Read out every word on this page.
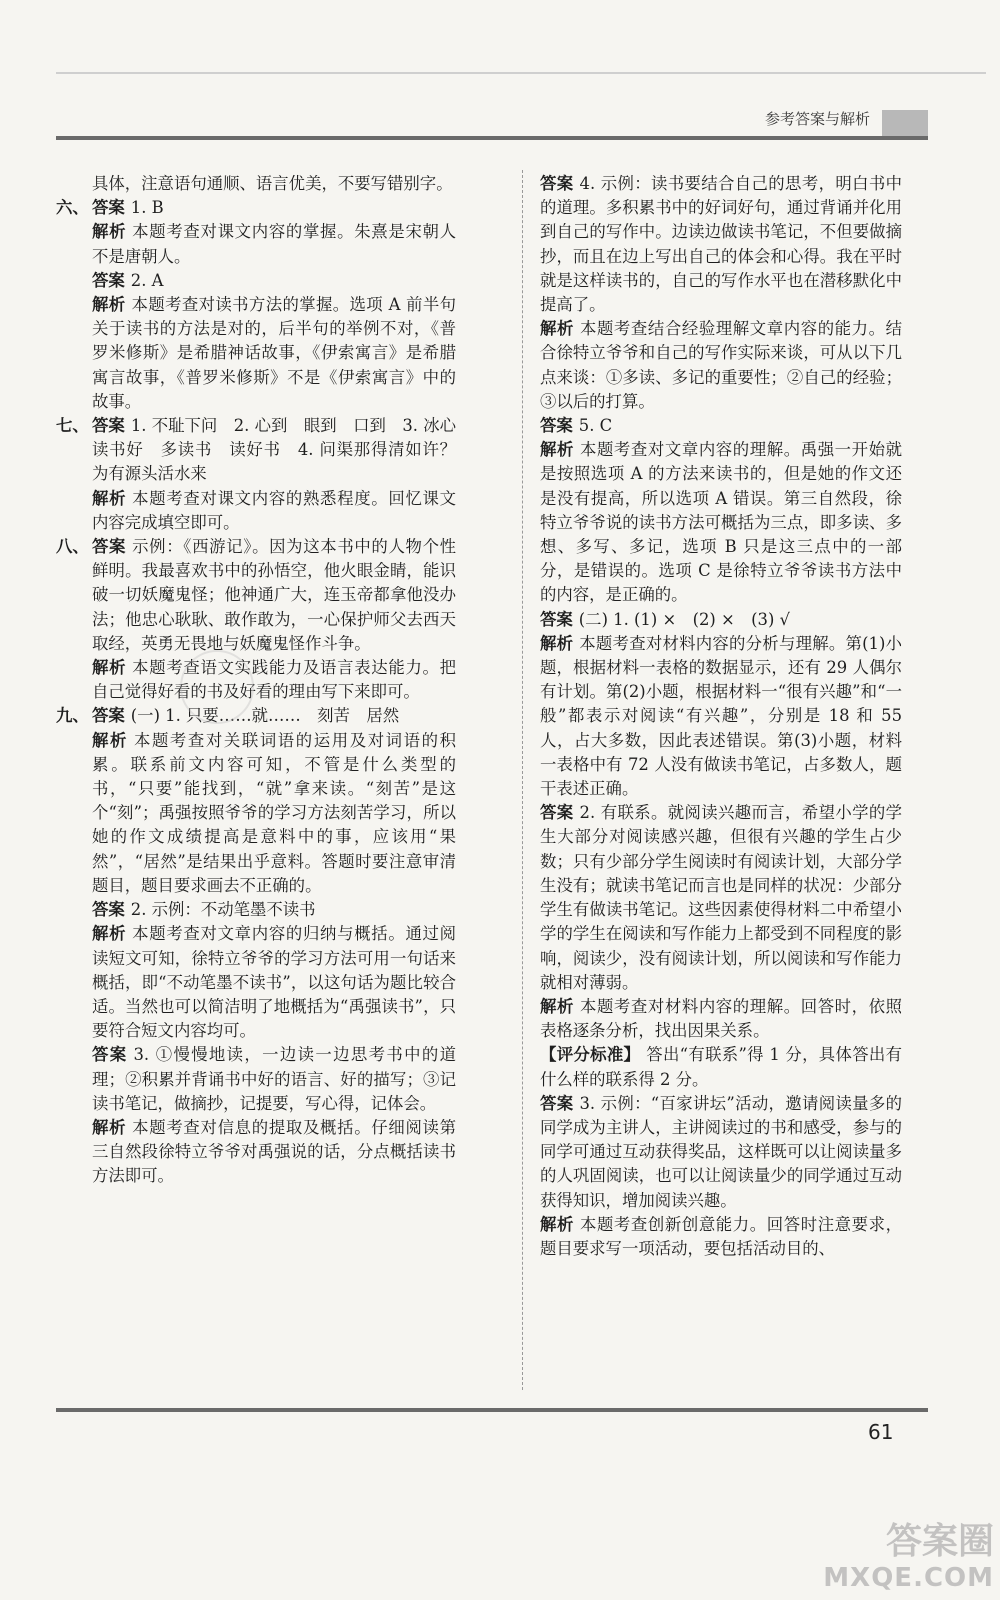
参考答案与解析

具体，注意语句通顺、语言优美，不要写错别字。

六、 答案 1. B

解析 本题考查对课文内容的掌握。朱熹是宋朝人不是唐朝人。

答案 2. A

解析 本题考查对读书方法的掌握。选项 A 前半句关于读书的方法是对的，后半句的举例不对，《普罗米修斯》是希腊神话故事，《伊索寓言》是希腊寓言故事，《普罗米修斯》不是《伊索寓言》中的故事。

七、 答案 1. 不耻下问　2. 心到　眼到　口到　3. 冰心　读书好　多读书　读好书　4. 问渠那得清如许？为有源头活水来

解析 本题考查对课文内容的熟悉程度。回忆课文内容完成填空即可。

八、 答案 示例：《西游记》。因为这本书中的人物个性鲜明。我最喜欢书中的孙悟空，他火眼金睛，能识破一切妖魔鬼怪；他神通广大，连玉帝都拿他没办法；他忠心耿耿、敢作敢为，一心保护师父去西天取经，英勇无畏地与妖魔鬼怪作斗争。

解析 本题考查语文实践能力及语言表达能力。把自己觉得好看的书及好看的理由写下来即可。

九、 答案 (一) 1. 只要……就……　刻苦　居然

解析 本题考查对关联词语的运用及对词语的积累。联系前文内容可知，不管是什么类型的书，“只要”能找到，“就”拿来读。“刻苦”是这个“刻”；禹强按照爷爷的学习方法刻苦学习，所以她的作文成绩提高是意料中的事，应该用“果然”，“居然”是结果出乎意料。答题时要注意审清题目，题目要求画去不正确的。

答案 2. 示例：不动笔墨不读书

解析 本题考查对文章内容的归纳与概括。通过阅读短文可知，徐特立爷爷的学习方法可用一句话来概括，即“不动笔墨不读书”，以这句话为题比较合适。当然也可以简洁明了地概括为“禹强读书”，只要符合短文内容均可。

答案 3. ①慢慢地读，一边读一边思考书中的道理；②积累并背诵书中好的语言、好的描写；③记读书笔记，做摘抄，记提要，写心得，记体会。

解析 本题考查对信息的提取及概括。仔细阅读第三自然段徐特立爷爷对禹强说的话，分点概括读书方法即可。

答案 4. 示例：读书要结合自己的思考，明白书中的道理。多积累书中的好词好句，通过背诵并化用到自己的写作中。边读边做读书笔记，不但要做摘抄，而且在边上写出自己的体会和心得。我在平时就是这样读书的，自己的写作水平也在潜移默化中提高了。

解析 本题考查结合经验理解文章内容的能力。结合徐特立爷爷和自己的写作实际来谈，可从以下几点来谈：①多读、多记的重要性；②自己的经验；③以后的打算。

答案 5. C

解析 本题考查对文章内容的理解。禹强一开始就是按照选项 A 的方法来读书的，但是她的作文还是没有提高，所以选项 A 错误。第三自然段，徐特立爷爷说的读书方法可概括为三点，即多读、多想、多写、多记，选项 B 只是这三点中的一部分，是错误的。选项 C 是徐特立爷爷读书方法中的内容，是正确的。

答案 (二) 1. (1) ×　(2) ×　(3) √

解析 本题考查对材料内容的分析与理解。第(1)小题，根据材料一表格的数据显示，还有 29 人偶尔有计划。第(2)小题，根据材料一“很有兴趣”和“一般”都表示对阅读“有兴趣”，分别是 18 和 55 人，占大多数，因此表述错误。第(3)小题，材料一表格中有 72 人没有做读书笔记，占多数人，题干表述正确。

答案 2. 有联系。就阅读兴趣而言，希望小学的学生大部分对阅读感兴趣，但很有兴趣的学生占少数；只有少部分学生阅读时有阅读计划，大部分学生没有；就读书笔记而言也是同样的状况：少部分学生有做读书笔记。这些因素使得材料二中希望小学的学生在阅读和写作能力上都受到不同程度的影响，阅读少，没有阅读计划，所以阅读和写作能力就相对薄弱。

解析 本题考查对材料内容的理解。回答时，依照表格逐条分析，找出因果关系。

【评分标准】 答出“有联系”得 1 分，具体答出有什么样的联系得 2 分。

答案 3. 示例：“百家讲坛”活动，邀请阅读量多的同学成为主讲人，主讲阅读过的书和感受，参与的同学可通过互动获得奖品，这样既可以让阅读量多的人巩固阅读，也可以让阅读量少的同学通过互动获得知识，增加阅读兴趣。

解析 本题考查创新创意能力。回答时注意要求，题目要求写一项活动，要包括活动目的、

61
答案圈
MXQE.COM
